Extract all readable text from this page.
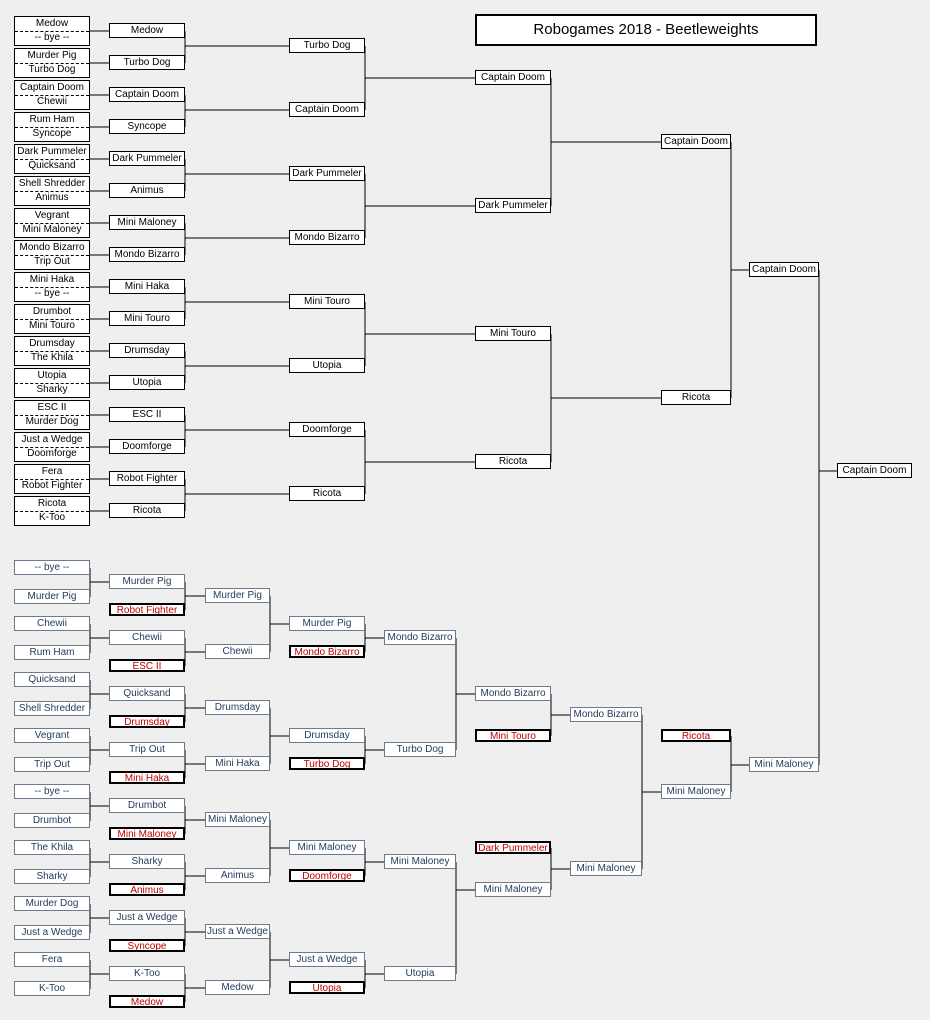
Robogames 2018 - Beetleweights
Medow
-- bye --
Murder Pig
Turbo Dog
Captain Doom
Chewii
Rum Ham
Syncope
Dark Pummeler
Quicksand
Shell Shredder
Animus
Vegrant
Mini Maloney
Mondo Bizarro
Trip Out
Mini Haka
-- bye --
Drumbot
Mini Touro
Drumsday
The Khila
Utopia
Sharky
ESC II
Murder Dog
Just a Wedge
Doomforge
Fera
Robot Fighter
Ricota
K-Too
Medow
Turbo Dog
Captain Doom
Syncope
Dark Pummeler
Animus
Mini Maloney
Mondo Bizarro
Mini Haka
Mini Touro
Drumsday
Utopia
ESC II
Doomforge
Robot Fighter
Ricota
Turbo Dog
Captain Doom
Dark Pummeler
Mondo Bizarro
Mini Touro
Utopia
Doomforge
Ricota
Captain Doom
Dark Pummeler
Mini Touro
Ricota
Captain Doom
Ricota
Captain Doom
Captain Doom
-- bye --
Murder Pig
Chewii
Rum Ham
Quicksand
Shell Shredder
Vegrant
Trip Out
-- bye --
Drumbot
The Khila
Sharky
Murder Dog
Just a Wedge
Fera
K-Too
Murder Pig
Chewii
Quicksand
Trip Out
Drumbot
Sharky
Just a Wedge
K-Too
Robot Fighter
ESC II
Drumsday
Mini Haka
Mini Maloney
Animus
Syncope
Medow
Murder Pig
Chewii
Drumsday
Mini Haka
Mini Maloney
Animus
Just a Wedge
Medow
Murder Pig
Drumsday
Mini Maloney
Just a Wedge
Mondo Bizarro
Turbo Dog
Doomforge
Utopia
Mondo Bizarro
Turbo Dog
Mini Maloney
Utopia
Mondo Bizarro
Mini Maloney
Mini Touro
Dark Pummeler
Mondo Bizarro
Mini Maloney
Mini Maloney
Ricota
Mini Maloney
